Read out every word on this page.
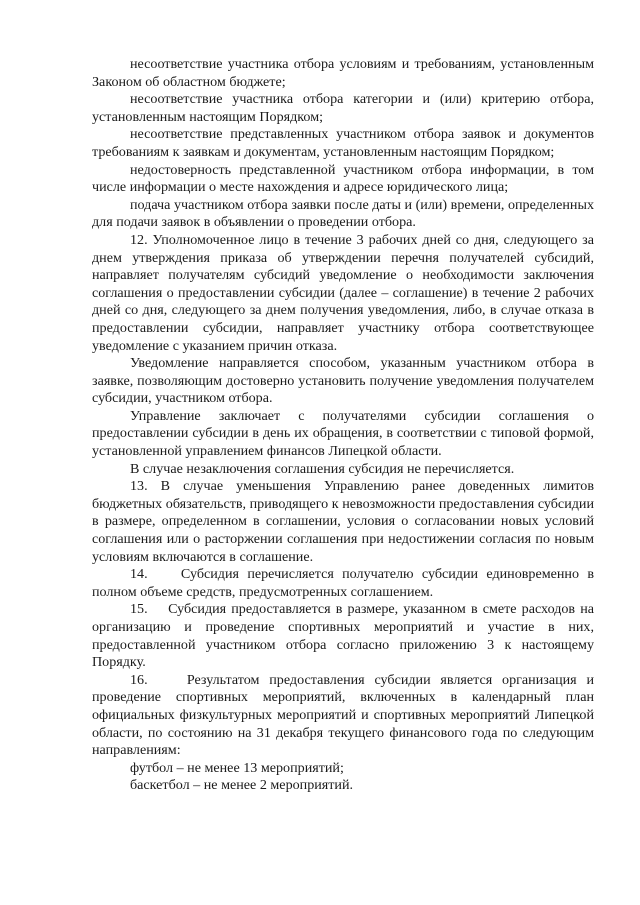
несоответствие участника отбора условиям и требованиям, установленным Законом об областном бюджете;

несоответствие участника отбора категории и (или) критерию отбора, установленным настоящим Порядком;

несоответствие представленных участником отбора заявок и документов требованиям к заявкам и документам, установленным настоящим Порядком;

недостоверность представленной участником отбора информации, в том числе информации о месте нахождения и адресе юридического лица;

подача участником отбора заявки после даты и (или) времени, определенных для подачи заявок в объявлении о проведении отбора.

12. Уполномоченное лицо в течение 3 рабочих дней со дня, следующего за днем утверждения приказа об утверждении перечня получателей субсидий, направляет получателям субсидий уведомление о необходимости заключения соглашения о предоставлении субсидии (далее – соглашение) в течение 2 рабочих дней со дня, следующего за днем получения уведомления, либо, в случае отказа в предоставлении субсидии, направляет участнику отбора соответствующее уведомление с указанием причин отказа.

Уведомление направляется способом, указанным участником отбора в заявке, позволяющим достоверно установить получение уведомления получателем субсидии, участником отбора.

Управление заключает с получателями субсидии соглашения о предоставлении субсидии в день их обращения, в соответствии с типовой формой, установленной управлением финансов Липецкой области.

В случае незаключения соглашения субсидия не перечисляется.

13. В случае уменьшения Управлению ранее доведенных лимитов бюджетных обязательств, приводящего к невозможности предоставления субсидии в размере, определенном в соглашении, условия о согласовании новых условий соглашения или о расторжении соглашения при недостижении согласия по новым условиям включаются в соглашение.

14.    Субсидия перечисляется получателю субсидии единовременно в полном объеме средств, предусмотренных соглашением.

15.    Субсидия предоставляется в размере, указанном в смете расходов на организацию и проведение спортивных мероприятий и участие в них, предоставленной участником отбора согласно приложению 3 к настоящему Порядку.

16.    Результатом предоставления субсидии является организация и проведение спортивных мероприятий, включенных в календарный план официальных физкультурных мероприятий и спортивных мероприятий Липецкой области, по состоянию на 31 декабря текущего финансового года по следующим направлениям:

футбол – не менее 13 мероприятий;

баскетбол – не менее 2 мероприятий.
